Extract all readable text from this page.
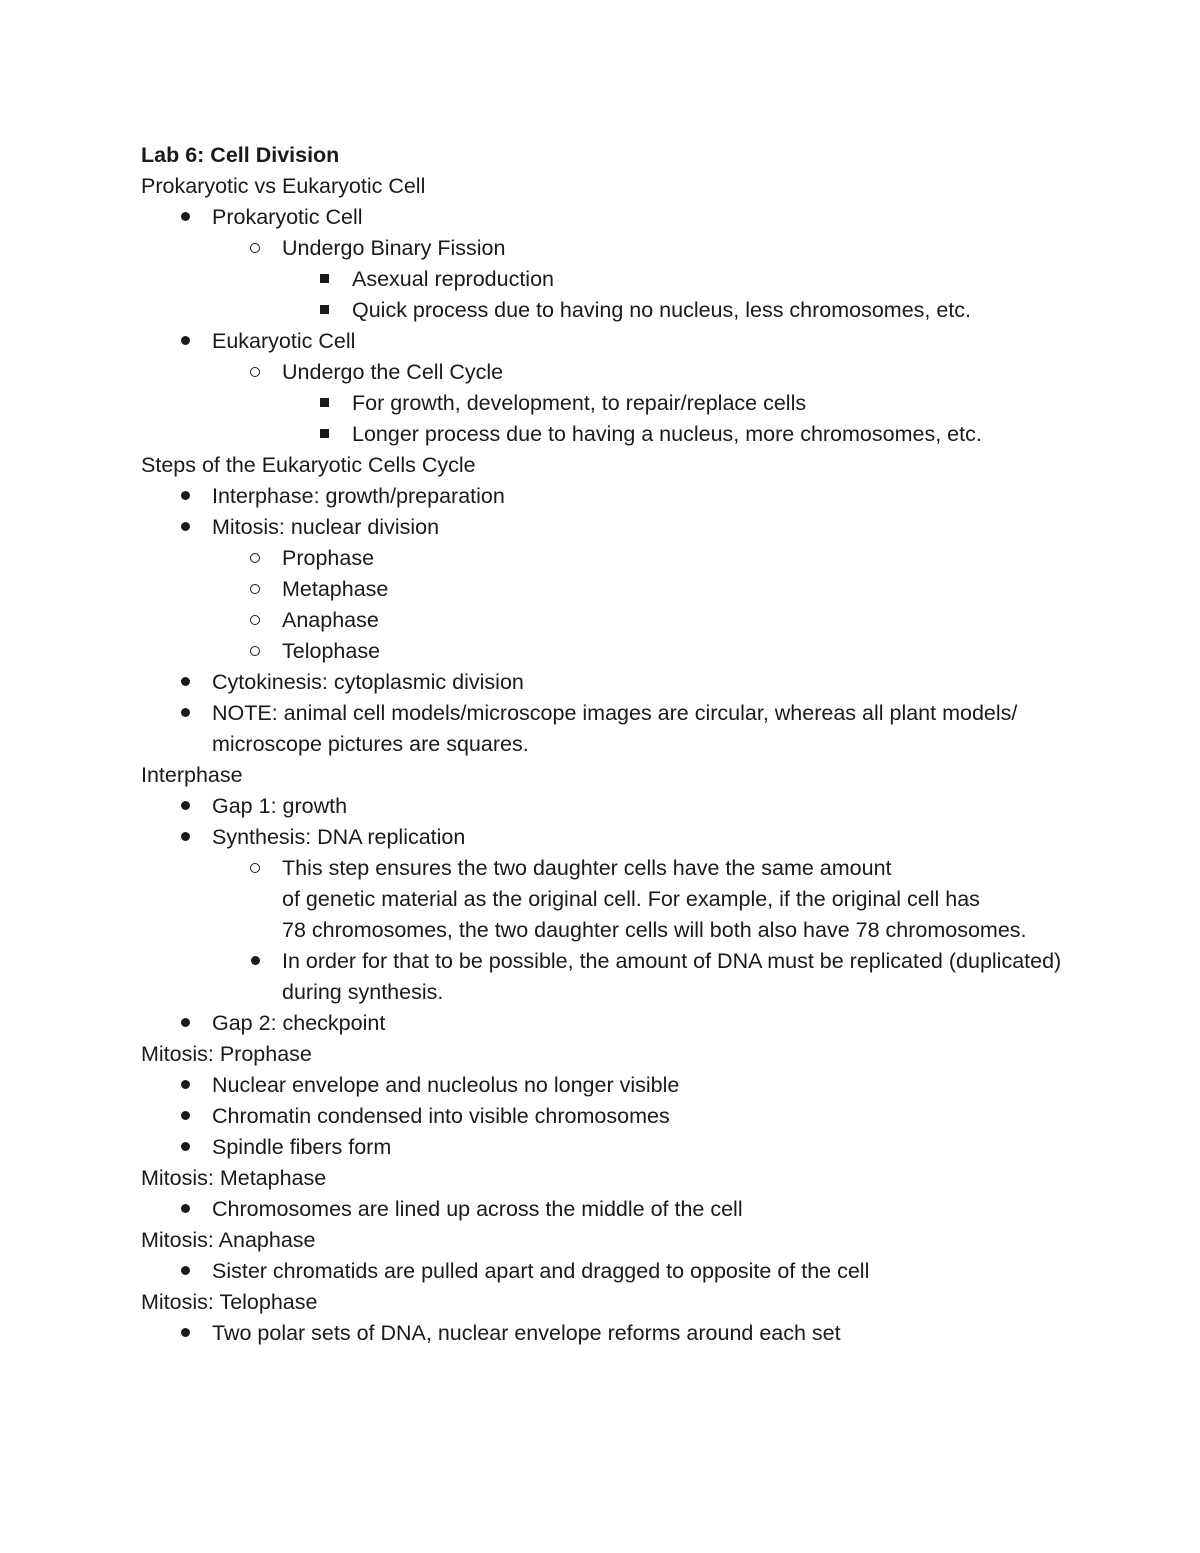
Lab 6: Cell Division
Prokaryotic vs Eukaryotic Cell
Prokaryotic Cell
Undergo Binary Fission
Asexual reproduction
Quick process due to having no nucleus, less chromosomes, etc.
Eukaryotic Cell
Undergo the Cell Cycle
For growth, development, to repair/replace cells
Longer process due to having a nucleus, more chromosomes, etc.
Steps of the Eukaryotic Cells Cycle
Interphase: growth/preparation
Mitosis: nuclear division
Prophase
Metaphase
Anaphase
Telophase
Cytokinesis: cytoplasmic division
NOTE: animal cell models/microscope images are circular, whereas all plant models/
microscope pictures are squares.
Interphase
Gap 1: growth
Synthesis: DNA replication
This step ensures the two daughter cells have the same amount
of genetic material as the original cell. For example, if the original cell has
78 chromosomes, the two daughter cells will both also have 78 chromosomes.
In order for that to be possible, the amount of DNA must be replicated (duplicated)
during synthesis.
Gap 2: checkpoint
Mitosis: Prophase
Nuclear envelope and nucleolus no longer visible
Chromatin condensed into visible chromosomes
Spindle fibers form
Mitosis: Metaphase
Chromosomes are lined up across the middle of the cell
Mitosis: Anaphase
Sister chromatids are pulled apart and dragged to opposite of the cell
Mitosis: Telophase
Two polar sets of DNA, nuclear envelope reforms around each set
